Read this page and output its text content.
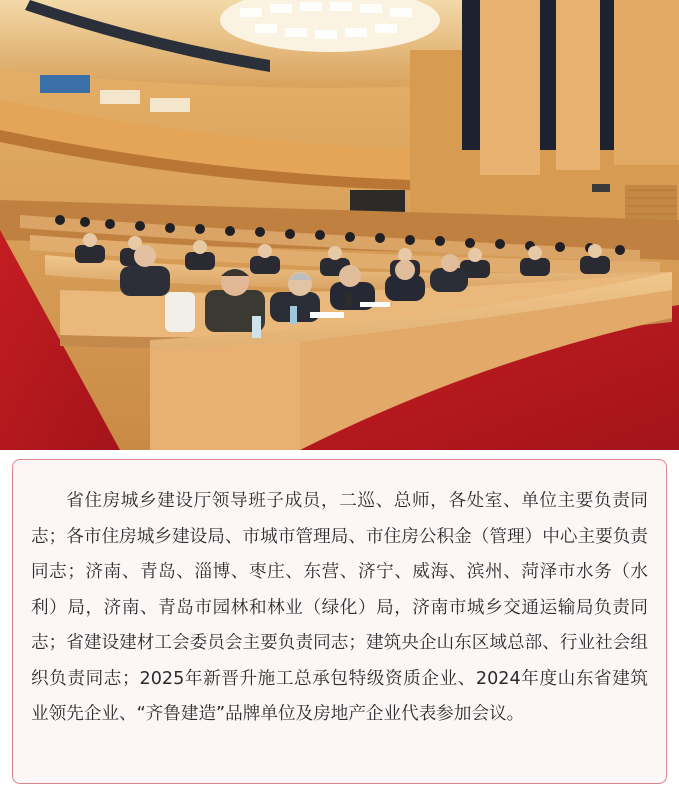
省住房城乡建设厅领导班子成员，二巡、总师，各处室、单位主要负责同志；各市住房城乡建设局、市城市管理局、市住房公积金（管理）中心主要负责同志；济南、青岛、淄博、枣庄、东营、济宁、威海、滨州、菏泽市水务（水利）局，济南、青岛市园林和林业（绿化）局，济南市城乡交通运输局负责同志；省建设建材工会委员会主要负责同志；建筑央企山东区域总部、行业社会组织负责同志；2025年新晋升施工总承包特级资质企业、2024年度山东省建筑业领先企业、“齐鲁建造”品牌单位及房地产企业代表参加会议。
